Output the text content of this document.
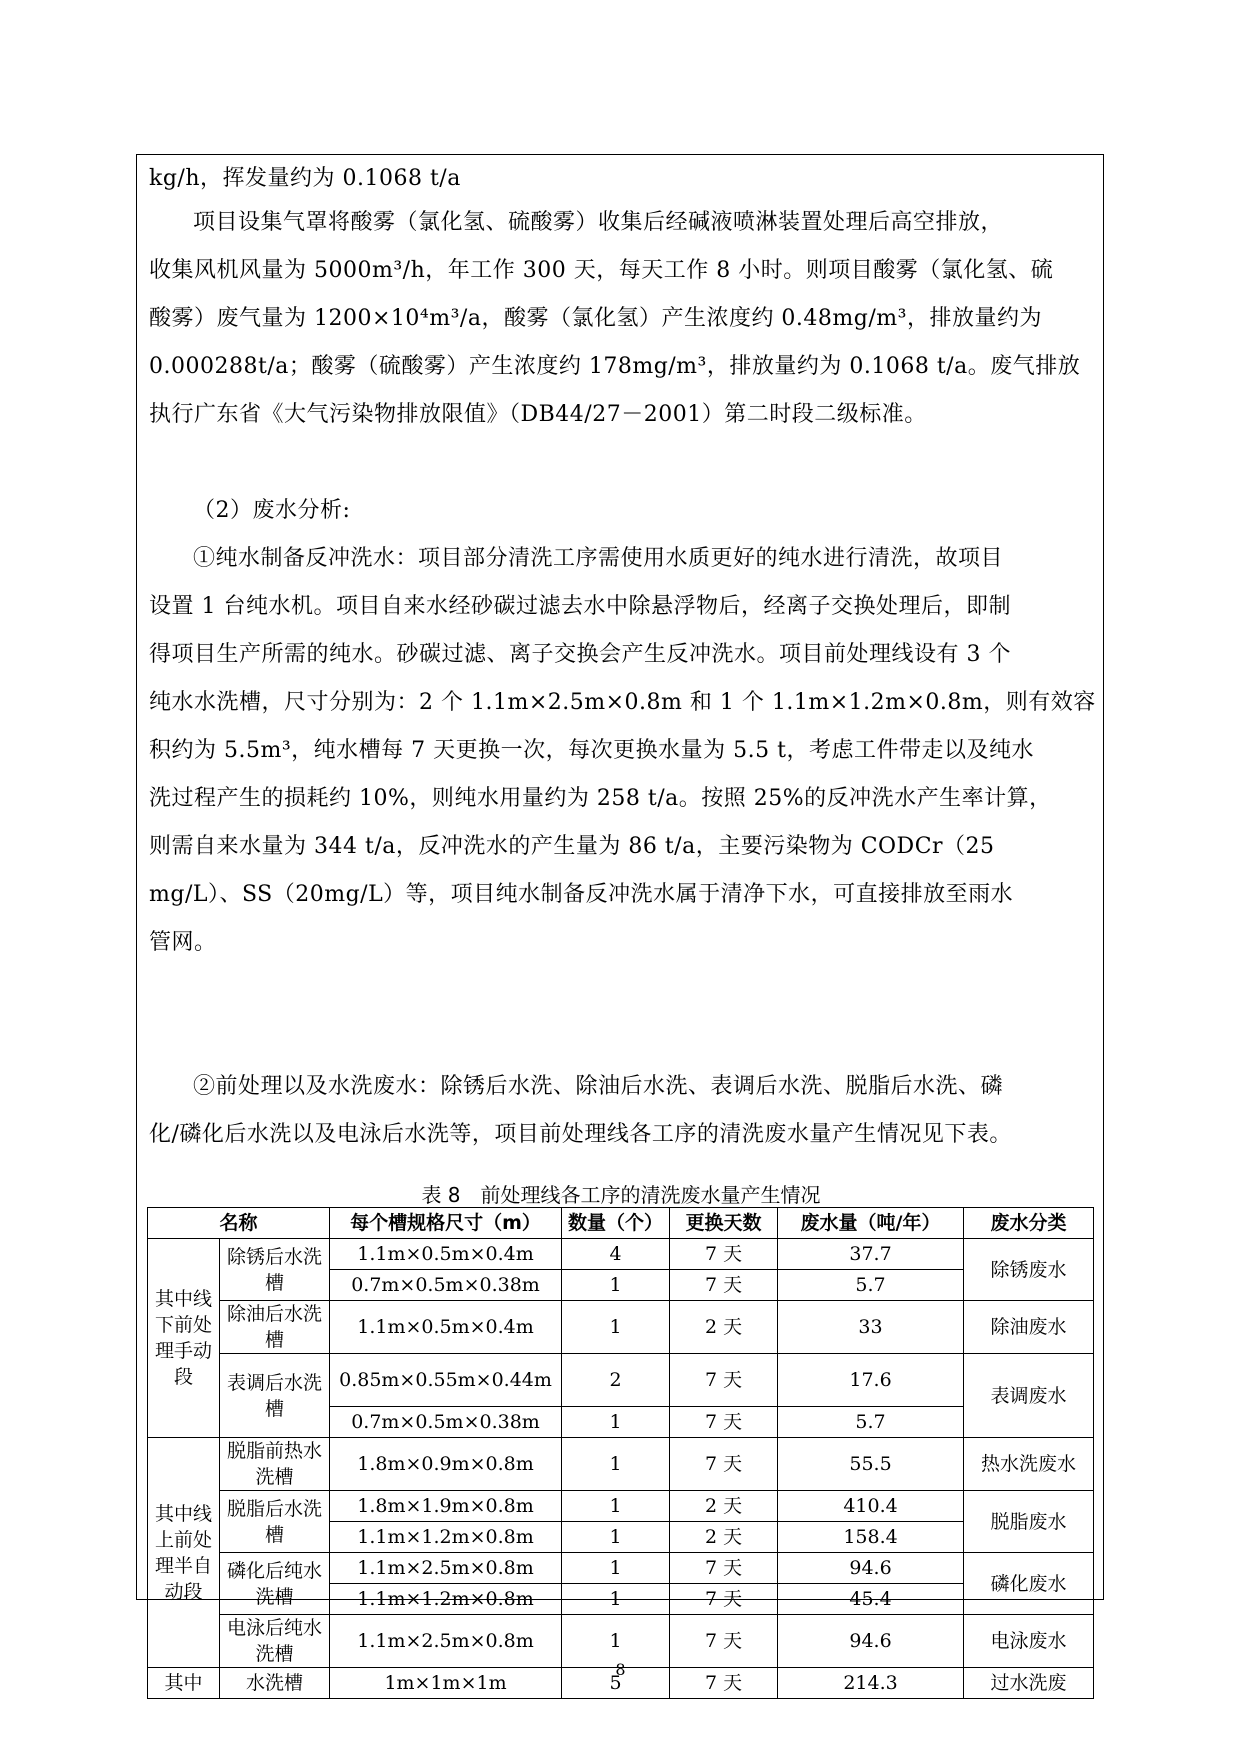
kg/h，挥发量约为 0.1068 t/a
项目设集气罩将酸雾（氯化氢、硫酸雾）收集后经碱液喷淋装置处理后高空排放，
收集风机风量为 5000m³/h，年工作 300 天，每天工作 8 小时。则项目酸雾（氯化氢、硫
酸雾）废气量为 1200×10⁴m³/a，酸雾（氯化氢）产生浓度约 0.48mg/m³，排放量约为
0.000288t/a；酸雾（硫酸雾）产生浓度约 178mg/m³，排放量约为 0.1068 t/a。废气排放
执行广东省《大气污染物排放限值》（DB44/27－2001）第二时段二级标准。
（2）废水分析:
①纯水制备反冲洗水：项目部分清洗工序需使用水质更好的纯水进行清洗，故项目
设置 1 台纯水机。项目自来水经砂碳过滤去水中除悬浮物后，经离子交换处理后，即制
得项目生产所需的纯水。砂碳过滤、离子交换会产生反冲洗水。项目前处理线设有 3 个
纯水水洗槽，尺寸分别为：2 个 1.1m×2.5m×0.8m 和 1 个 1.1m×1.2m×0.8m，则有效容
积约为 5.5m³，纯水槽每 7 天更换一次，每次更换水量为 5.5 t，考虑工件带走以及纯水
洗过程产生的损耗约 10%，则纯水用量约为 258 t/a。按照 25%的反冲洗水产生率计算，
则需自来水量为 344 t/a，反冲洗水的产生量为 86 t/a，主要污染物为 CODCr（25
mg/L）、SS（20mg/L）等，项目纯水制备反冲洗水属于清净下水，可直接排放至雨水
管网。
②前处理以及水洗废水：除锈后水洗、除油后水洗、表调后水洗、脱脂后水洗、磷
化/磷化后水洗以及电泳后水洗等，项目前处理线各工序的清洗废水量产生情况见下表。
表 8　前处理线各工序的清洗废水量产生情况
名称		每个槽规格尺寸（m）	数量（个）	更换天数	废水量（吨/年）	废水分类
其中线下前处理手动段	除锈后水洗槽	1.1m×0.5m×0.4m	4	7 天	37.7	除锈废水
		0.7m×0.5m×0.38m	1	7 天	5.7	
	除油后水洗槽	1.1m×0.5m×0.4m	1	2 天	33	除油废水
	表调后水洗槽	0.85m×0.55m×0.44m	2	7 天	17.6	表调废水
		0.7m×0.5m×0.38m	1	7 天	5.7	
其中线上前处理半自动段	脱脂前热水洗槽	1.8m×0.9m×0.8m	1	7 天	55.5	热水洗废水
	脱脂后水洗槽	1.8m×1.9m×0.8m	1	2 天	410.4	脱脂废水
		1.1m×1.2m×0.8m	1	2 天	158.4	
	磷化后纯水洗槽	1.1m×2.5m×0.8m	1	7 天	94.6	磷化废水
		1.1m×1.2m×0.8m	1	7 天	45.4	
	电泳后纯水洗槽	1.1m×2.5m×0.8m	1	7 天	94.6	电泳废水
其中	水洗槽	1m×1m×1m	5	7 天	214.3	过水洗废
8
